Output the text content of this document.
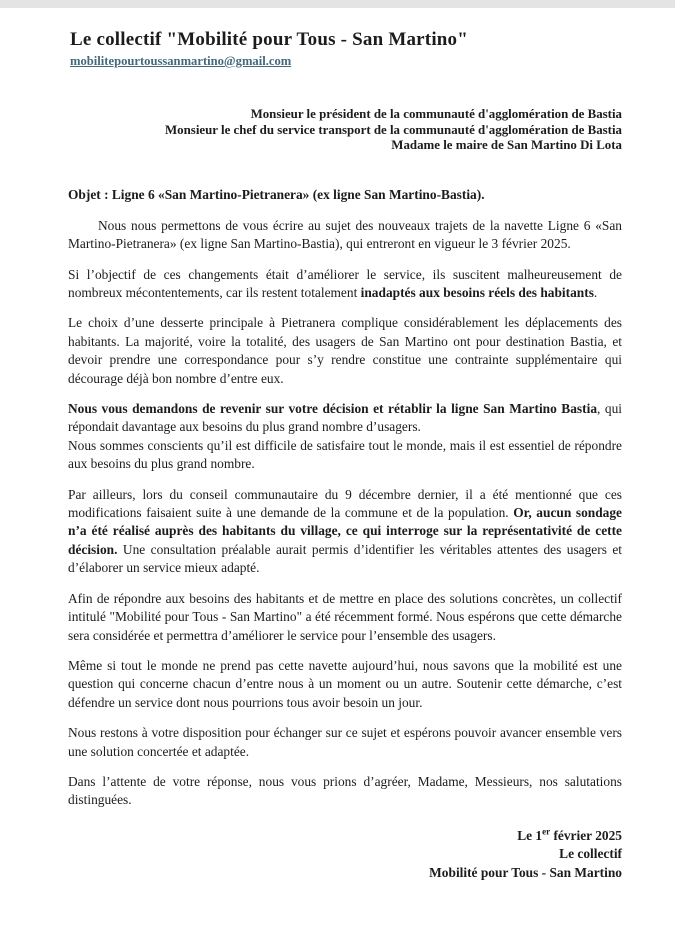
Le collectif "Mobilité pour Tous - San Martino"
mobilitepourtoussanmartino@gmail.com
Monsieur le président de la communauté d'agglomération de Bastia
Monsieur le chef du service transport de la communauté d'agglomération de Bastia
Madame le maire de San Martino Di Lota
Objet : Ligne 6 «San Martino-Pietranera» (ex ligne San Martino-Bastia).

Nous nous permettons de vous écrire au sujet des nouveaux trajets de la navette Ligne 6 «San Martino-Pietranera» (ex ligne San Martino-Bastia), qui entreront en vigueur le 3 février 2025.

Si l’objectif de ces changements était d’améliorer le service, ils suscitent malheureusement de nombreux mécontentements, car ils restent totalement inadaptés aux besoins réels des habitants.

Le choix d’une desserte principale à Pietranera complique considérablement les déplacements des habitants. La majorité, voire la totalité, des usagers de San Martino ont pour destination Bastia, et devoir prendre une correspondance pour s’y rendre constitue une contrainte supplémentaire qui décourage déjà bon nombre d’entre eux.

Nous vous demandons de revenir sur votre décision et rétablir la ligne San Martino Bastia, qui répondait davantage aux besoins du plus grand nombre d’usagers.
Nous sommes conscients qu’il est difficile de satisfaire tout le monde, mais il est essentiel de répondre aux besoins du plus grand nombre.

Par ailleurs, lors du conseil communautaire du 9 décembre dernier, il a été mentionné que ces modifications faisaient suite à une demande de la commune et de la population. Or, aucun sondage n’a été réalisé auprès des habitants du village, ce qui interroge sur la représentativité de cette décision. Une consultation préalable aurait permis d’identifier les véritables attentes des usagers et d’élaborer un service mieux adapté.

Afin de répondre aux besoins des habitants et de mettre en place des solutions concrètes, un collectif intitulé "Mobilité pour Tous - San Martino" a été récemment formé. Nous espérons que cette démarche sera considérée et permettra d’améliorer le service pour l’ensemble des usagers.

Même si tout le monde ne prend pas cette navette aujourd’hui, nous savons que la mobilité est une question qui concerne chacun d’entre nous à un moment ou un autre. Soutenir cette démarche, c’est défendre un service dont nous pourrions tous avoir besoin un jour.

Nous restons à votre disposition pour échanger sur ce sujet et espérons pouvoir avancer ensemble vers une solution concertée et adaptée.

Dans l’attente de votre réponse, nous vous prions d’agréer, Madame, Messieurs, nos salutations distinguées.

Le 1er février 2025
Le collectif
Mobilité pour Tous - San Martino
